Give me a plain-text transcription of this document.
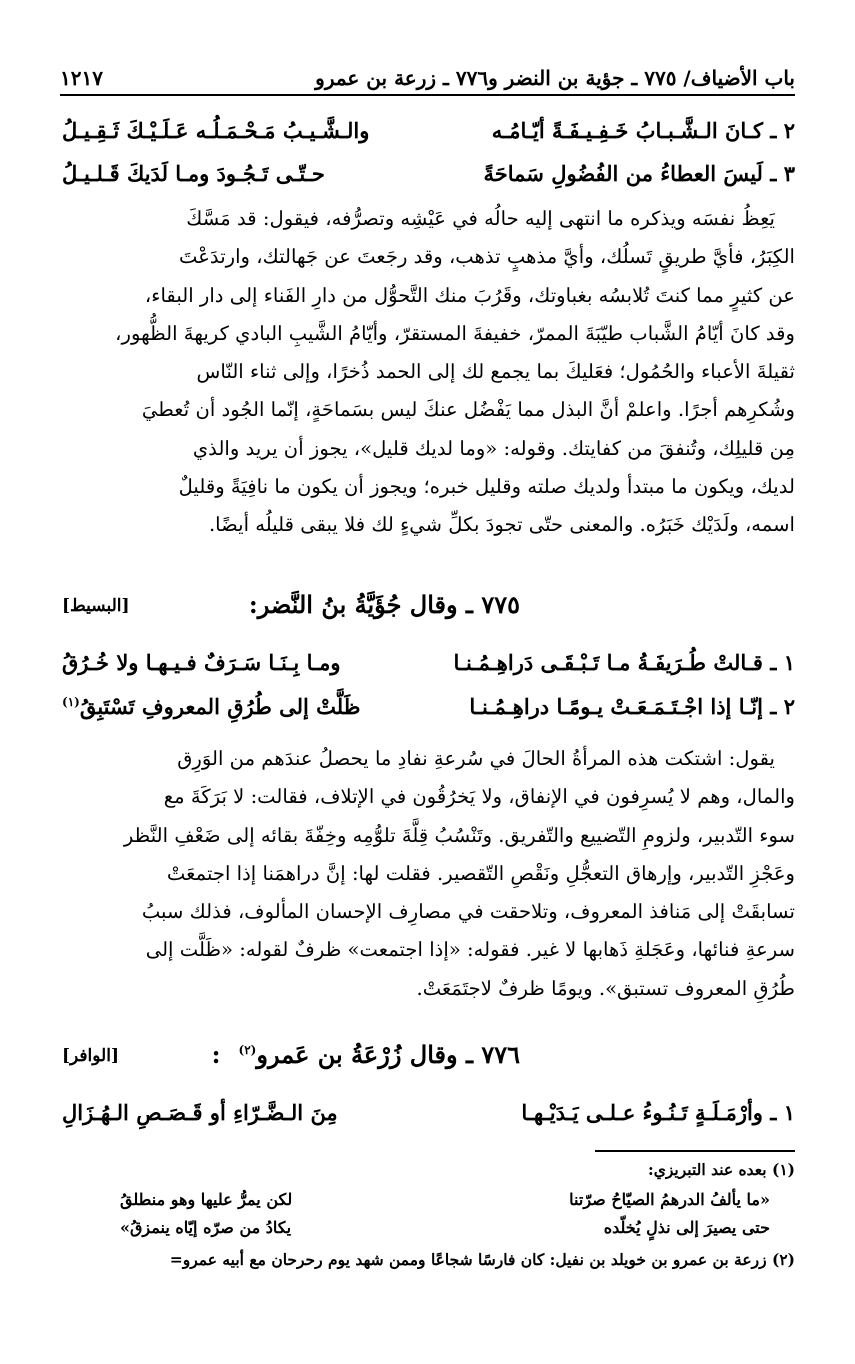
باب الأضياف/ ٧٧٥ ـ جؤية بن النضر و٧٧٦ ـ زرعة بن عمرو
١٢١٧
٢ ـ كـانَ الـشَّـبـابُ خَـفِـيـفَـةً أيّـامُـه
والـشَّـيـبُ مَـحْـمَـلُـه عَـلَـيْـكَ ثَـقِـيـلُ
٣ ـ لَيسَ العطاءُ من الفُضُولِ سَماحَةً
حـتّـى تَـجُـودَ ومـا لَدَيكَ قَـلـيـلُ
يَعِظُ نفسَه ويذكره ما انتهى إليه حالُه في عَيْشِه وتصرُّفه، فيقول: قد مَسَّكَ
الكِبَرُ، فأيَّ طريقٍ تَسلُك، وأيَّ مذهبٍ تذهب، وقد رجَعتَ عن جَهالتك، وارتدَعْتَ
عن كثيرٍ مما كنتَ تُلابسُه بغباوتك، وقَرُبَ منك التَّحوُّل من دارِ الفَناء إلى دار البقاء،
وقد كانَ أيّامُ الشَّباب طيّبَةَ الممرّ، خفيفةَ المستقرّ، وأيّامُ الشَّيبِ البادي كريهةَ الظُّهور،
ثقيلةَ الأعباء والحُمُول؛ فعَليكَ بما يجمع لك إلى الحمد ذُخرًا، وإلى ثناء النّاس
وشُكرِهم أجرًا. واعلمْ أنَّ البذل مما يَفْضُل عنكَ ليس بسَماحَةٍ، إنّما الجُود أن تُعطيَ
مِن قليلِك، وتُنفقَ من كفايتك. وقوله: «وما لديك قليل»، يجوز أن يريد والذي
لديك، ويكون ما مبتدأ ولديك صلته وقليل خبره؛ ويجوز أن يكون ما نافِيَةً وقليلٌ
اسمه، ولَدَيْك خَبَرُه. والمعنى حتّى تجودَ بكلِّ شيءٍ لك فلا يبقى قليلُه أيضًا.
٧٧٥ ـ وقال جُؤَيَّةُ بنُ النَّضر:
[البسيط]
١ ـ قـالتْ طُـرَيفَـةُ مـا تَـبْـقَـى دَراهِـمُـنـا
ومـا بِـنَـا سَـرَفٌ فـيـهـا ولا خُـرُقُ
٢ ـ إنّـا إذا اجْـتَـمَـعَـتْ يـومًـا دراهِـمُـنـا
ظَلَّتْ إلى طُرُقِ المعروفِ تَسْتَبِقُ$^{(١)}$
يقول: اشتكت هذه المرأةُ الحالَ في سُرعةِ نفادِ ما يحصلُ عندَهم من الوَرِق
والمال، وهم لا يُسرِفون في الإنفاق، ولا يَخرُقُون في الإتلاف، فقالت: لا بَرَكَةَ مع
سوء التّدبير، ولزومِ التّضييع والتّفريق. وتَنْسُبُ قِلَّةَ تلوُّمِه وخِفّةَ بقائه إلى ضَعْفِ النَّظر
وعَجْزِ التّدبير، وإرهاق التعجُّلِ ونَقْصِ التّقصير. فقلت لها: إنَّ دراهمَنا إذا اجتمعَتْ
تسابقَتْ إلى مَنافذ المعروف، وتلاحقت في مصارِف الإحسان المألوف، فذلك سببُ
سرعةِ فنائها، وعَجَلةِ ذَهابها لا غير. فقوله: «إذا اجتمعت» ظرفٌ لقوله: «ظَلَّت إلى
طُرُقِ المعروف تستبق». ويومًا ظرفٌ لاجتَمَعَتْ.
٧٧٦ ـ وقال زُرْعَةُ بن عَمرو$^{(٢)}$:
[الوافر]
١ ـ وأرْمَـلَـةٍ تَـنُـوءُ عـلـى يَـدَيْـهـا
مِنَ الـضَّـرّاءِ أو قَـصَـصِ الـهُـزَالِ
(١) بعده عند التبريزي:
«ما يألفُ الدرهمُ الصيّاحُ صرّتنا
لكن يمرُّ عليها وهو منطلقُ
حتى يصيرَ إلى نذلٍ يُخلّده
يكادُ من صرّه إيّاه ينمزقُ»
(٢) زرعة بن عمرو بن خويلد بن نفيل: كان فارسًا شجاعًا وممن شهد يوم رحرحان مع أبيه عمرو=
